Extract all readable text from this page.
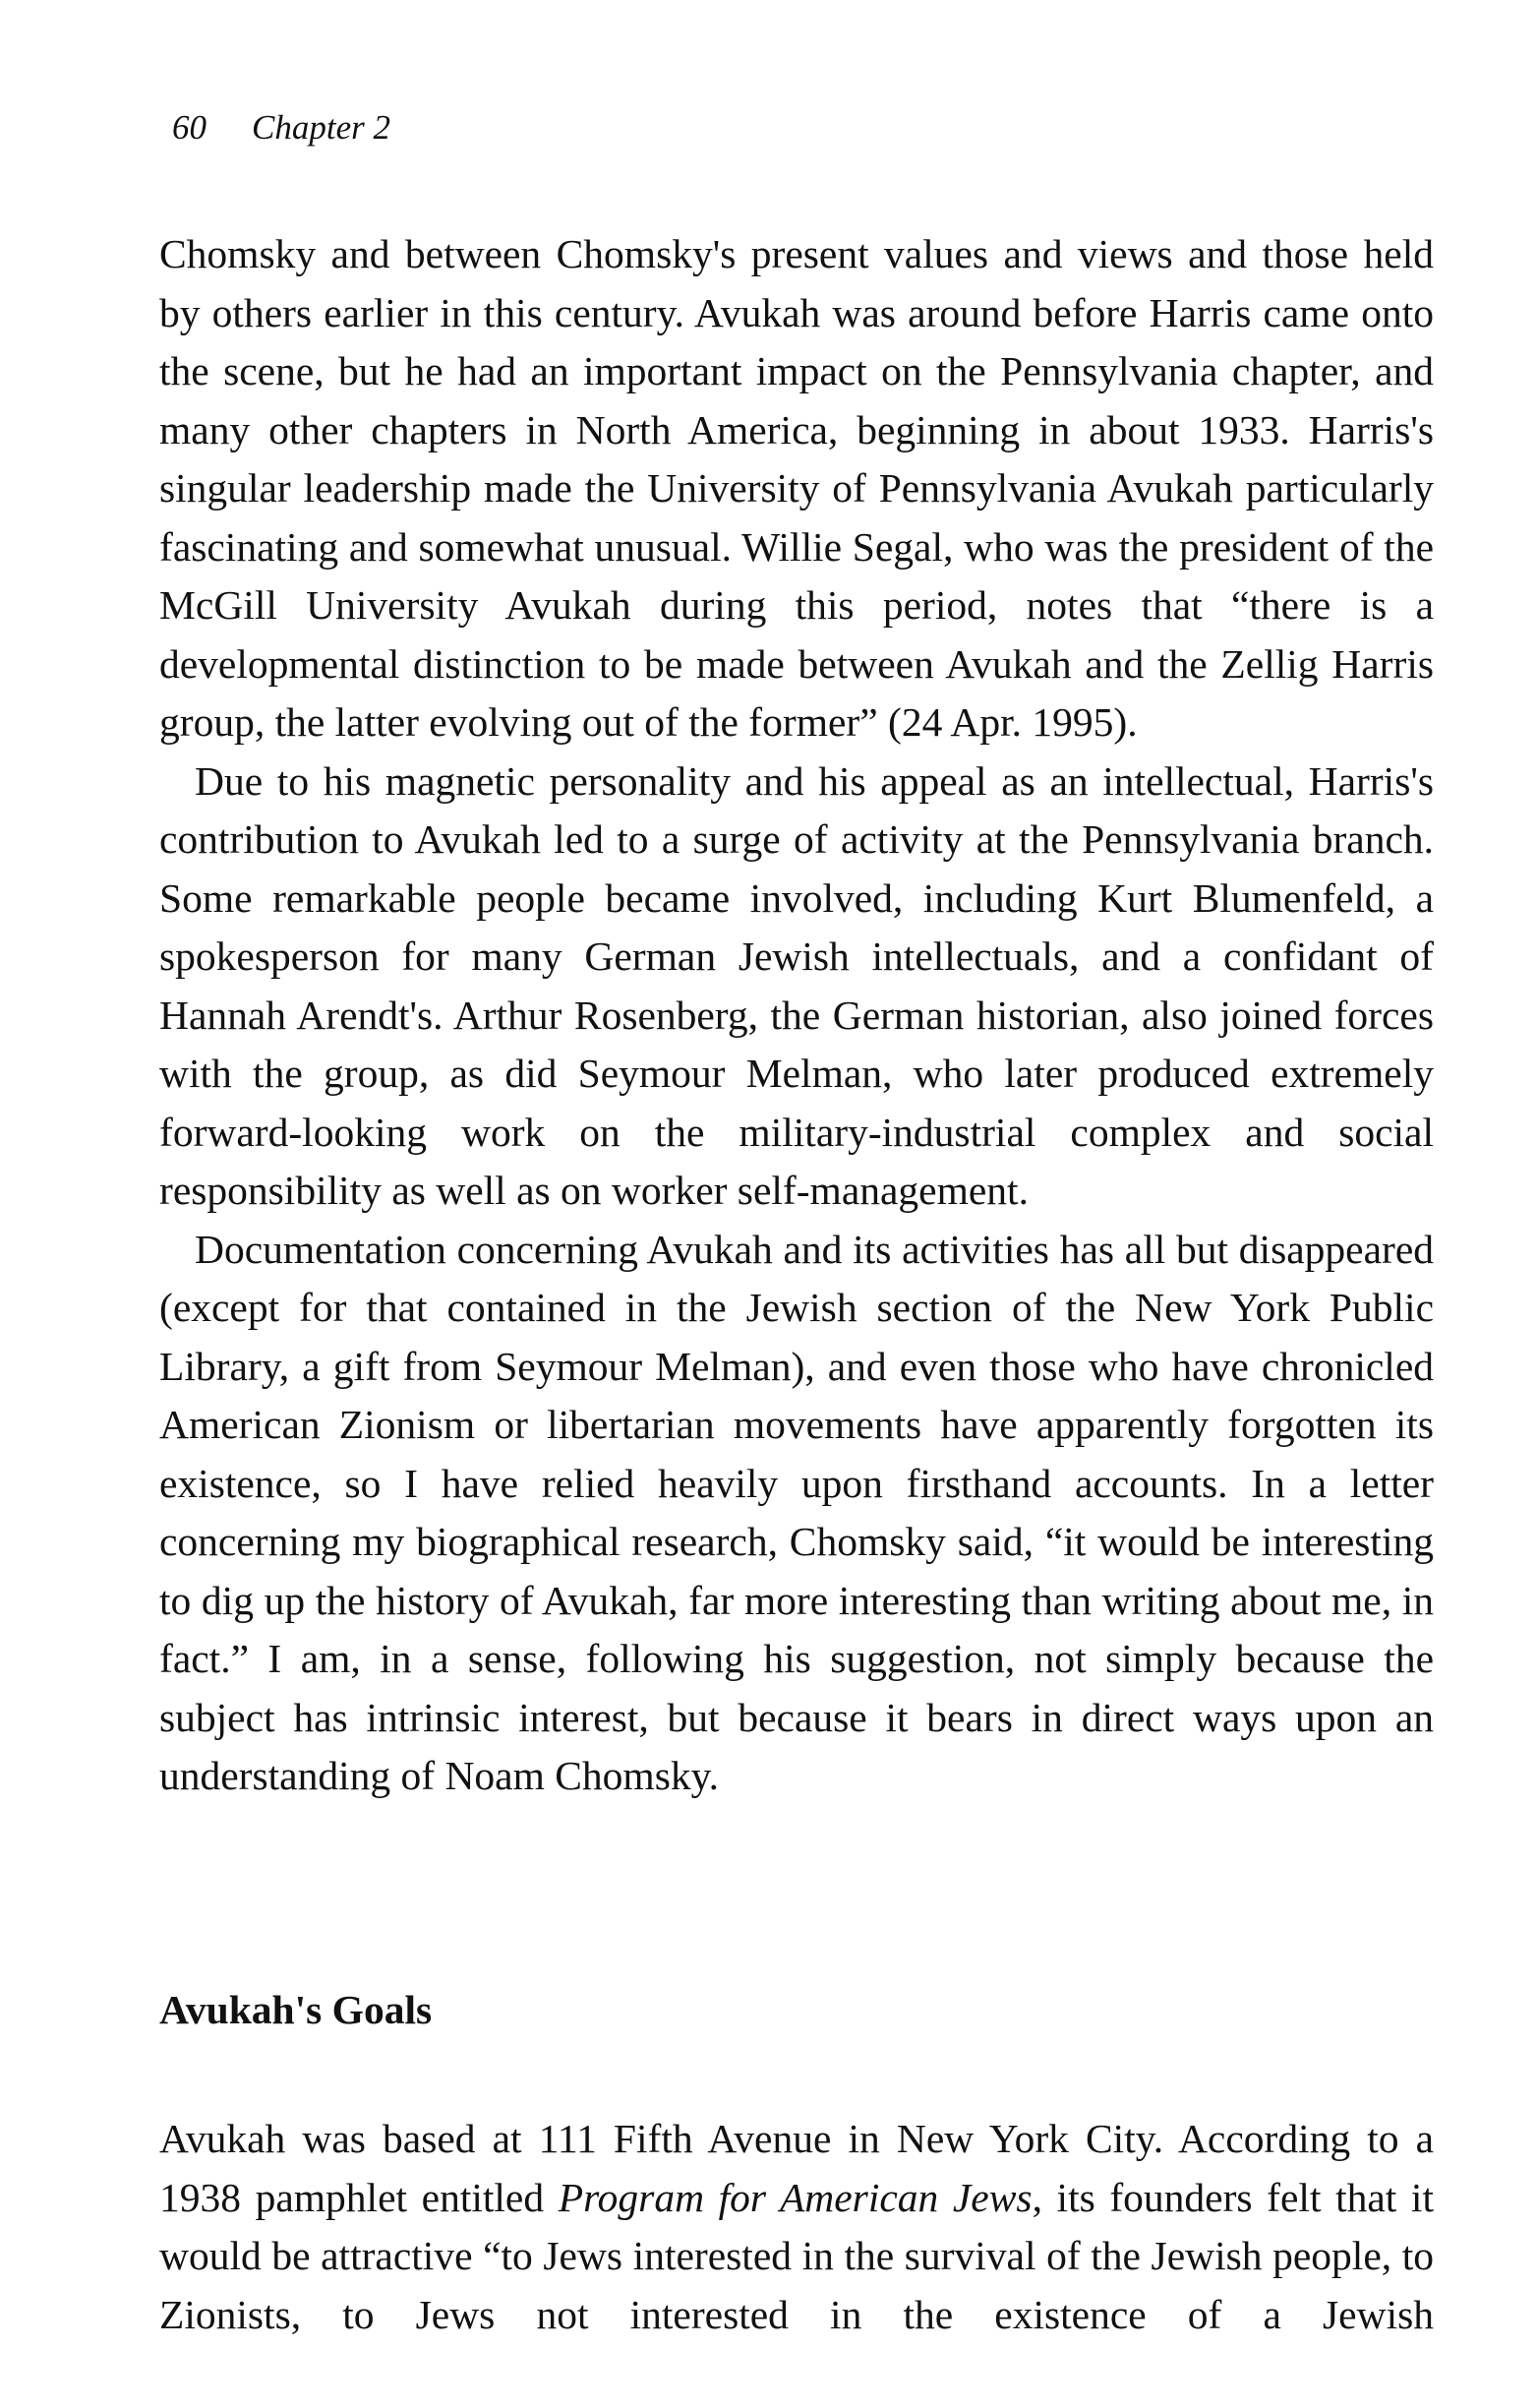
60 Chapter 2

Chomsky and between Chomsky's present values and views and those held by others earlier in this century. Avukah was around before Harris came onto the scene, but he had an important impact on the Pennsylvania chapter, and many other chapters in North America, beginning in about 1933. Harris's singular leadership made the University of Pennsylvania Avukah particularly fascinating and somewhat unusual. Willie Segal, who was the president of the McGill University Avukah during this period, notes that “there is a developmental distinction to be made between Avukah and the Zellig Harris group, the latter evolving out of the former” (24 Apr. 1995).

Due to his magnetic personality and his appeal as an intellectual, Harris's contribution to Avukah led to a surge of activity at the Pennsylvania branch. Some remarkable people became involved, including Kurt Blumenfeld, a spokesperson for many German Jewish intellectuals, and a confidant of Hannah Arendt's. Arthur Rosenberg, the German historian, also joined forces with the group, as did Seymour Melman, who later produced extremely forward-looking work on the military-industrial complex and social responsibility as well as on worker self-management.

Documentation concerning Avukah and its activities has all but disappeared (except for that contained in the Jewish section of the New York Public Library, a gift from Seymour Melman), and even those who have chronicled American Zionism or libertarian movements have apparently forgotten its existence, so I have relied heavily upon firsthand accounts. In a letter concerning my biographical research, Chomsky said, “it would be interesting to dig up the history of Avukah, far more interesting than writing about me, in fact.” I am, in a sense, following his suggestion, not simply because the subject has intrinsic interest, but because it bears in direct ways upon an understanding of Noam Chomsky.

Avukah's Goals

Avukah was based at 111 Fifth Avenue in New York City. According to a 1938 pamphlet entitled Program for American Jews, its founders felt that it would be attractive “to Jews interested in the survival of the Jewish people, to Zionists, to Jews not interested in the existence of a Jewish
